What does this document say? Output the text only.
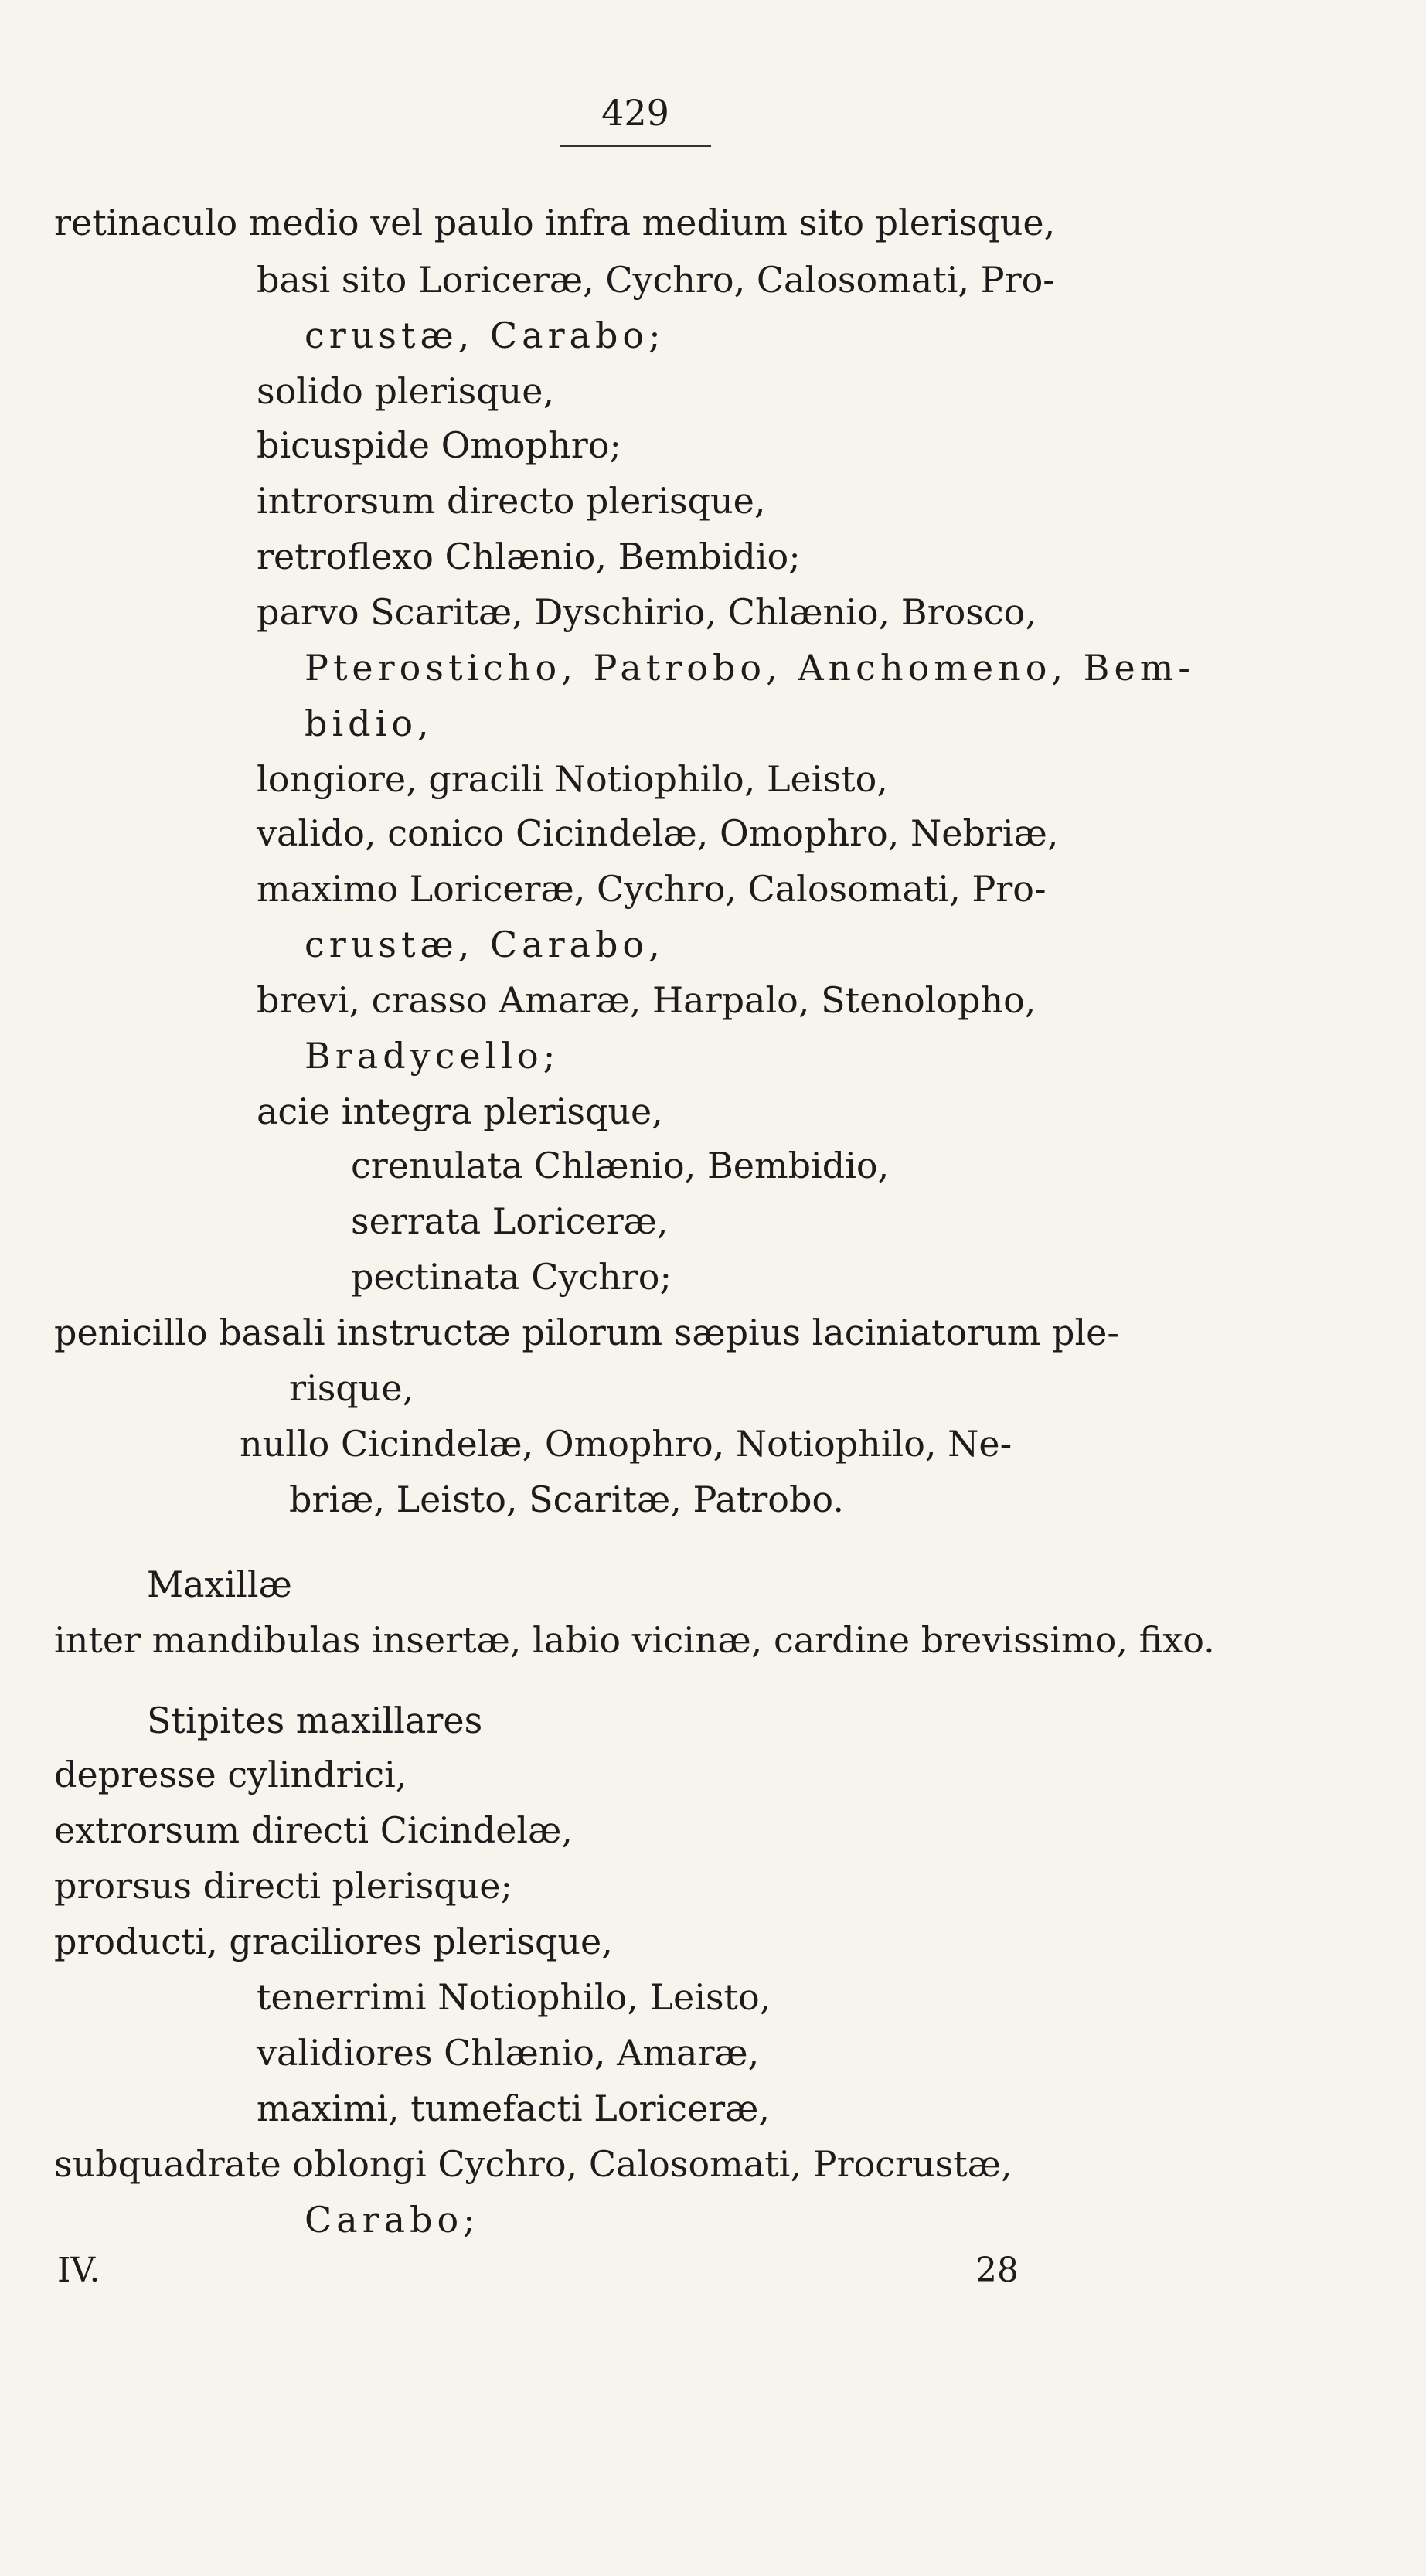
429
retinaculo medio vel paulo infra medium sito plerisque,
basi sito Loriceræ, Cychro, Calosomati, Pro-
crustæ, Carabo;
solido plerisque,
bicuspide Omophro;
introrsum directo plerisque,
retroflexo Chlænio, Bembidio;
parvo Scaritæ, Dyschirio, Chlænio, Brosco,
Pterosticho, Patrobo, Anchomeno, Bem-
bidio,
longiore, gracili Notiophilo, Leisto,
valido, conico Cicindelæ, Omophro, Nebriæ,
maximo Loriceræ, Cychro, Calosomati, Pro-
crustæ, Carabo,
brevi, crasso Amaræ, Harpalo, Stenolopho,
Bradycello;
acie integra plerisque,
crenulata Chlænio, Bembidio,
serrata Loriceræ,
pectinata Cychro;
penicillo basali instructæ pilorum sæpius laciniatorum ple-
risque,
nullo Cicindelæ, Omophro, Notiophilo, Ne-
briæ, Leisto, Scaritæ, Patrobo.
Maxillæ
inter mandibulas insertæ, labio vicinæ, cardine brevissimo, fixo.
Stipites maxillares
depresse cylindrici,
extrorsum directi Cicindelæ,
prorsus directi plerisque;
producti, graciliores plerisque,
tenerrimi Notiophilo, Leisto,
validiores Chlænio, Amaræ,
maximi, tumefacti Loriceræ,
subquadrate oblongi Cychro, Calosomati, Procrustæ,
Carabo;
IV.	28
